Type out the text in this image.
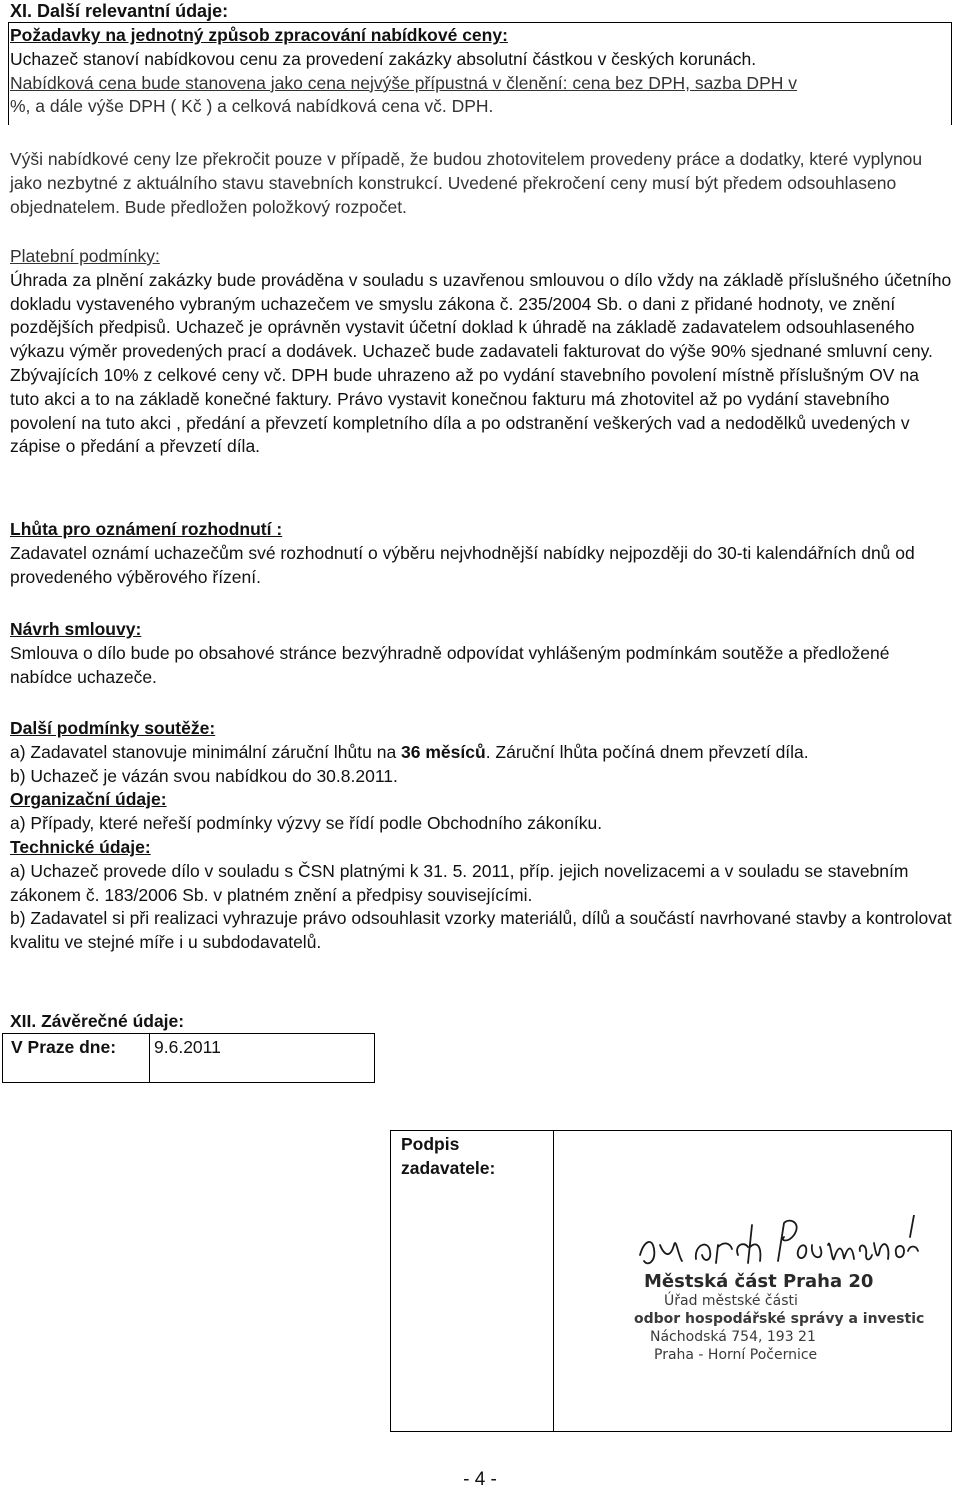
XI. Další relevantní údaje:

Požadavky na jednotný způsob zpracování nabídkové ceny:

Uchazeč stanoví nabídkovou cenu za provedení zakázky absolutní částkou v českých korunách.

Nabídková cena bude stanovena jako cena nejvýše přípustná v členění: cena bez DPH, sazba DPH v

%, a dále výše DPH ( Kč ) a celková nabídková cena vč. DPH.

Výši nabídkové ceny lze překročit pouze v případě, že budou zhotovitelem provedeny práce a dodatky, které vyplynou jako nezbytné z aktuálního stavu stavebních konstrukcí. Uvedené překročení ceny musí být předem odsouhlaseno objednatelem. Bude předložen položkový rozpočet.

Platební podmínky:

Úhrada za plnění zakázky bude prováděna v souladu s uzavřenou smlouvou o dílo vždy na základě příslušného účetního dokladu vystaveného vybraným uchazečem ve smyslu zákona č. 235/2004 Sb. o dani z přidané hodnoty, ve znění pozdějších předpisů. Uchazeč je oprávněn vystavit účetní doklad k úhradě na základě zadavatelem odsouhlaseného výkazu výměr provedených prací a dodávek. Uchazeč bude zadavateli fakturovat do výše 90% sjednané smluvní ceny. Zbývajících 10% z celkové ceny vč. DPH bude uhrazeno až po vydání stavebního povolení místně příslušným OV na tuto akci a to na základě konečné faktury. Právo vystavit konečnou fakturu má zhotovitel až po vydání stavebního povolení na tuto akci , předání a převzetí kompletního díla a po odstranění veškerých vad a nedodělků uvedených v zápise o předání a převzetí díla.

Lhůta pro oznámení rozhodnutí :

Zadavatel oznámí uchazečům své rozhodnutí o výběru nejvhodnější nabídky nejpozději do 30-ti kalendářních dnů od provedeného výběrového řízení.

Návrh smlouvy:

Smlouva o dílo bude po obsahové stránce bezvýhradně odpovídat vyhlášeným podmínkám soutěže a předložené nabídce uchazeče.

Další podmínky soutěže:

a) Zadavatel stanovuje minimální záruční lhůtu na 36 měsíců. Záruční lhůta počíná dnem převzetí díla.

b) Uchazeč je vázán svou nabídkou do 30.8.2011.

Organizační údaje:

a) Případy, které neřeší podmínky výzvy se řídí podle Obchodního zákoníku.

Technické údaje:

a) Uchazeč provede dílo v souladu s ČSN platnými k 31. 5. 2011, příp. jejich novelizacemi a v souladu se stavebním zákonem č. 183/2006 Sb. v platném znění a předpisy souvisejícími.

b) Zadavatel si při realizaci vyhrazuje právo odsouhlasit vzorky materiálů, dílů a součástí navrhované stavby a kontrolovat kvalitu ve stejné míře i u subdodavatelů.

XII. Závěrečné údaje:
V Praze dne:	9.6.2011
Podpis zadavatele:	
Městská část Praha 20
Úřad městské části
odbor hospodářské správy a investic
Náchodská 754, 193 21
Praha - Horní Počernice
- 4 -
